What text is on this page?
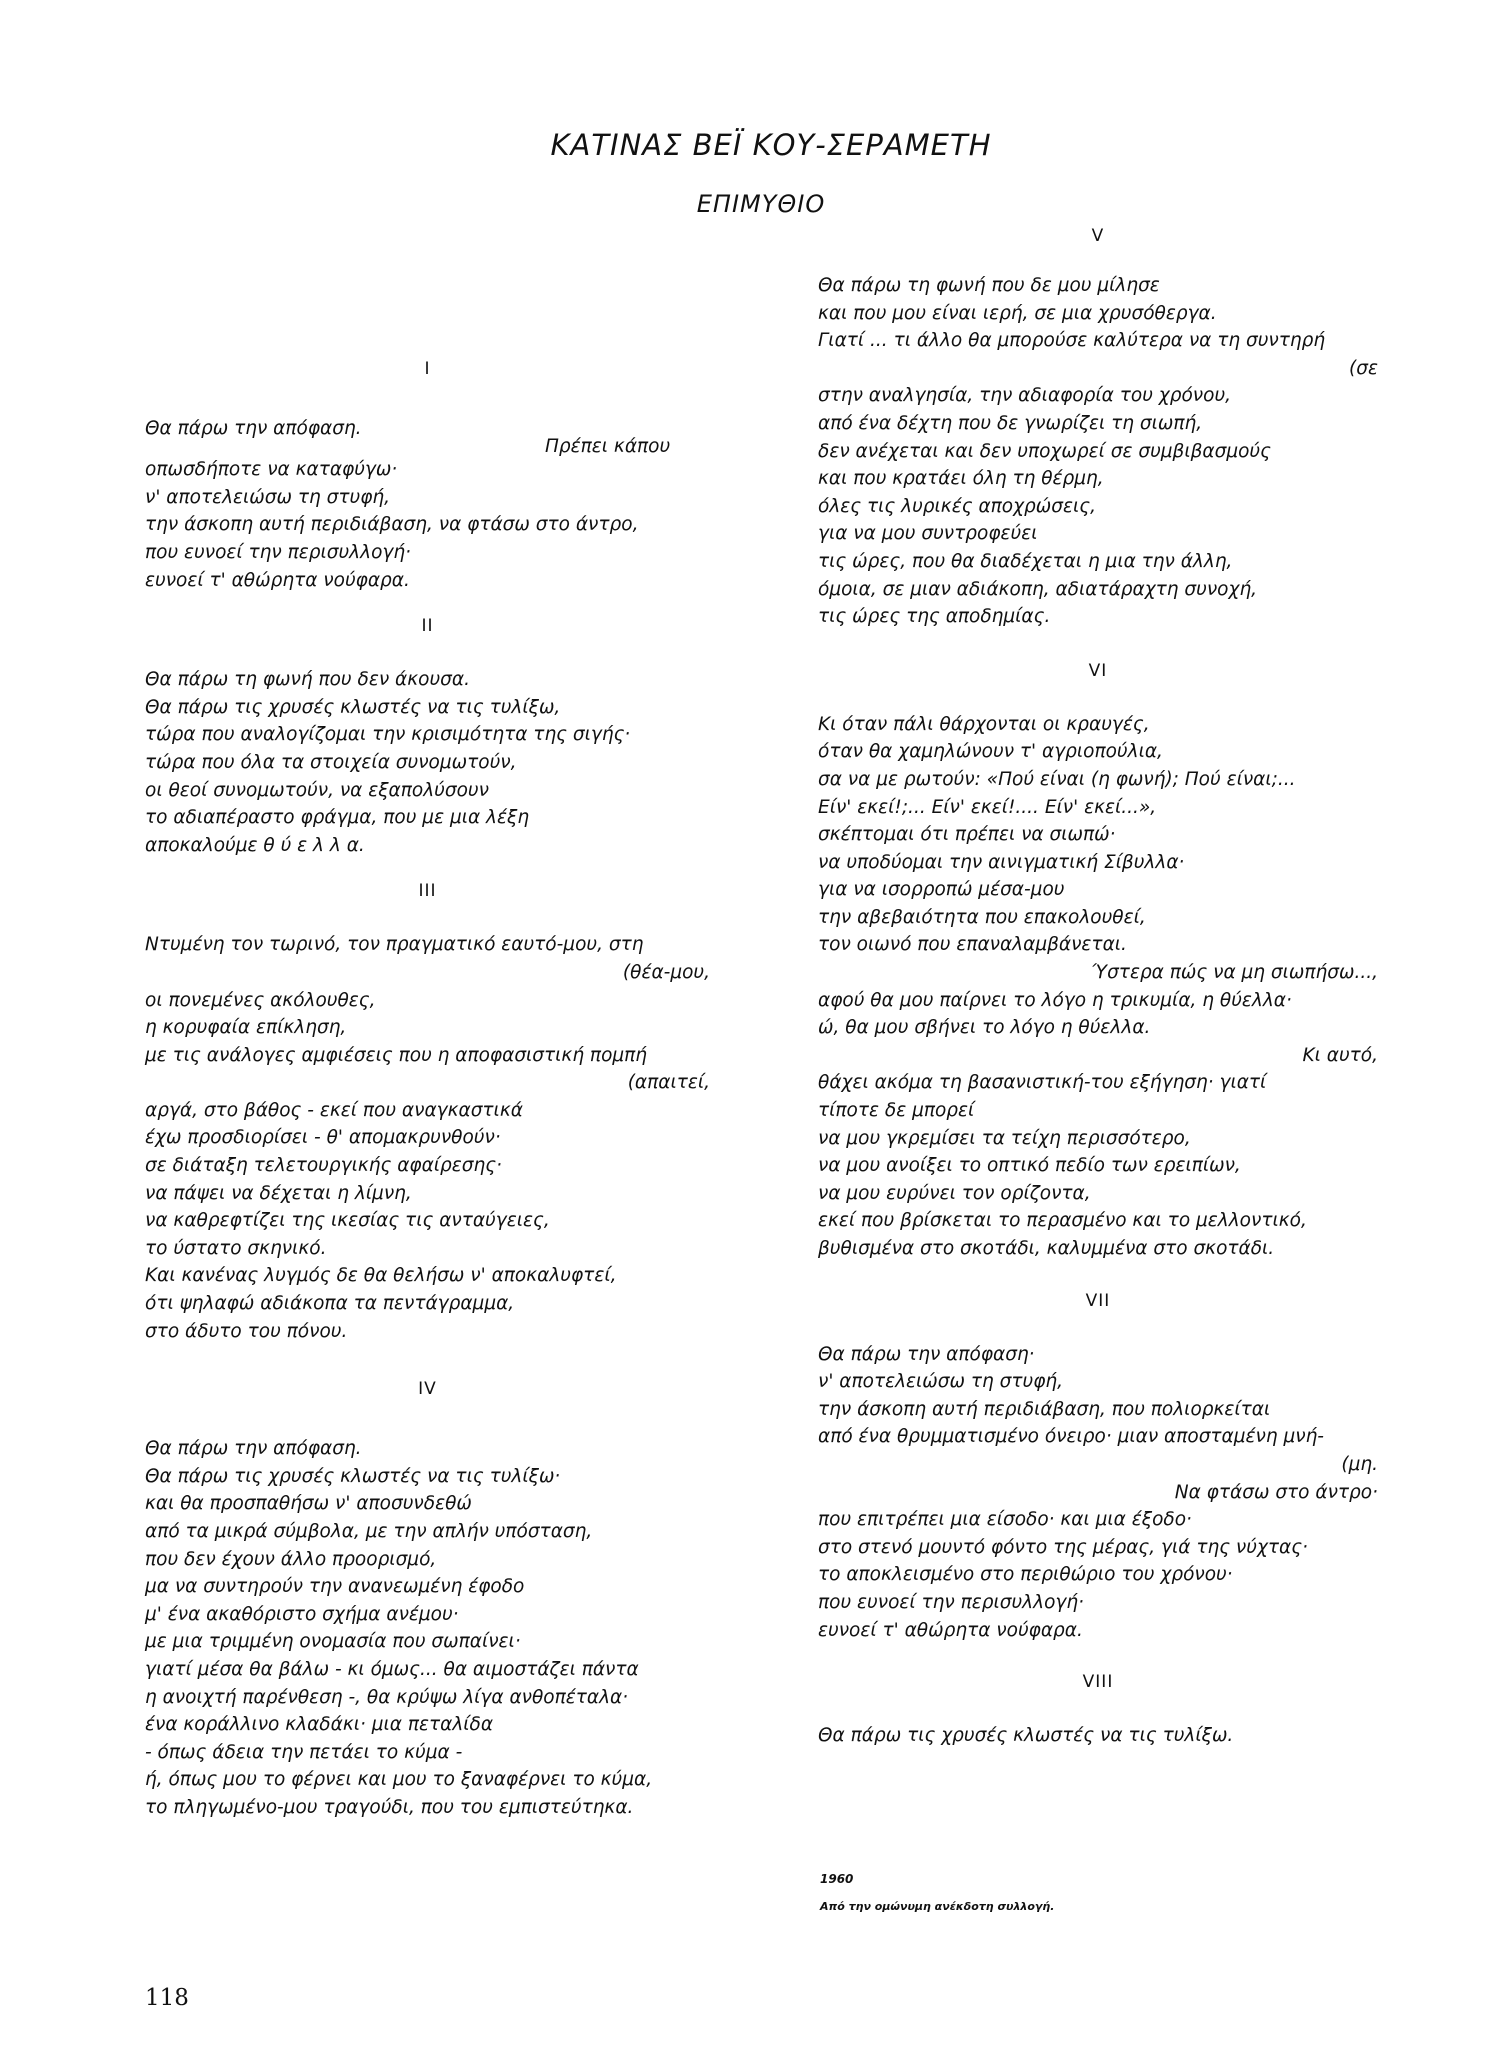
ΚΑΤΙΝΑΣ ΒΕΪ ΚΟΥ-ΣΕΡΑΜΕΤΗ
ΕΠΙΜΥΘΙΟ
I
Θα πάρω την απόφαση.
Πρέπει κάπου
οπωσδήποτε να καταφύγω·
ν' αποτελειώσω τη στυφή,
την άσκοπη αυτή περιδιάβαση, να φτάσω στο άντρο,
που ευνοεί την περισυλλογή·
ευνοεί τ' αθώρητα νούφαρα.
II
Θα πάρω τη φωνή που δεν άκουσα.
Θα πάρω τις χρυσές κλωστές να τις τυλίξω,
τώρα που αναλογίζομαι την κρισιμότητα της σιγής·
τώρα που όλα τα στοιχεία συνομωτούν,
οι θεοί συνομωτούν, να εξαπολύσουν
το αδιαπέραστο φράγμα, που με μια λέξη
αποκαλούμε θ ύ ε λ λ α.
III
Ντυμένη τον τωρινό, τον πραγματικό εαυτό-μου, στη
(θέα-μου,
οι πονεμένες ακόλουθες,
η κορυφαία επίκληση,
με τις ανάλογες αμφιέσεις που η αποφασιστική πομπή
(απαιτεί,
αργά, στο βάθος - εκεί που αναγκαστικά
έχω προσδιορίσει - θ' απομακρυνθούν·
σε διάταξη τελετουργικής αφαίρεσης·
να πάψει να δέχεται η λίμνη,
να καθρεφτίζει της ικεσίας τις ανταύγειες,
το ύστατο σκηνικό.
Και κανένας λυγμός δε θα θελήσω ν' αποκαλυφτεί,
ότι ψηλαφώ αδιάκοπα τα πεντάγραμμα,
στο άδυτο του πόνου.
IV
Θα πάρω την απόφαση.
Θα πάρω τις χρυσές κλωστές να τις τυλίξω·
και θα προσπαθήσω ν' αποσυνδεθώ
από τα μικρά σύμβολα, με την απλήν υπόσταση,
που δεν έχουν άλλο προορισμό,
μα να συντηρούν την ανανεωμένη έφοδο
μ' ένα ακαθόριστο σχήμα ανέμου·
με μια τριμμένη ονομασία που σωπαίνει·
γιατί μέσα θα βάλω - κι όμως... θα αιμοστάζει πάντα
η ανοιχτή παρένθεση -, θα κρύψω λίγα ανθοπέταλα·
ένα κοράλλινο κλαδάκι· μια πεταλίδα
- όπως άδεια την πετάει το κύμα -
ή, όπως μου το φέρνει και μου το ξαναφέρνει το κύμα,
το πληγωμένο-μου τραγούδι, που του εμπιστεύτηκα.
V
Θα πάρω τη φωνή που δε μου μίλησε
και που μου είναι ιερή, σε μια χρυσόθεργα.
Γιατί ... τι άλλο θα μπορούσε καλύτερα να τη συντηρή
(σε
στην αναλγησία, την αδιαφορία του χρόνου,
από ένα δέχτη που δε γνωρίζει τη σιωπή,
δεν ανέχεται και δεν υποχωρεί σε συμβιβασμούς
και που κρατάει όλη τη θέρμη,
όλες τις λυρικές αποχρώσεις,
για να μου συντροφεύει
τις ώρες, που θα διαδέχεται η μια την άλλη,
όμοια, σε μιαν αδιάκοπη, αδιατάραχτη συνοχή,
τις ώρες της αποδημίας.
VI
Κι όταν πάλι θάρχονται οι κραυγές,
όταν θα χαμηλώνουν τ' αγριοπούλια,
σα να με ρωτούν: «Πού είναι (η φωνή); Πού είναι;...
Είν' εκεί!;... Είν' εκεί!.... Είν' εκεί...»,
σκέπτομαι ότι πρέπει να σιωπώ·
να υποδύομαι την αινιγματική Σίβυλλα·
για να ισορροπώ μέσα-μου
την αβεβαιότητα που επακολουθεί,
τον οιωνό που επαναλαμβάνεται.
Ύστερα πώς να μη σιωπήσω...,
αφού θα μου παίρνει το λόγο η τρικυμία, η θύελλα·
ώ, θα μου σβήνει το λόγο η θύελλα.
Κι αυτό,
θάχει ακόμα τη βασανιστική-του εξήγηση· γιατί
τίποτε δε μπορεί
να μου γκρεμίσει τα τείχη περισσότερο,
να μου ανοίξει το οπτικό πεδίο των ερειπίων,
να μου ευρύνει τον ορίζοντα,
εκεί που βρίσκεται το περασμένο και το μελλοντικό,
βυθισμένα στο σκοτάδι, καλυμμένα στο σκοτάδι.
VII
Θα πάρω την απόφαση·
ν' αποτελειώσω τη στυφή,
την άσκοπη αυτή περιδιάβαση, που πολιορκείται
από ένα θρυμματισμένο όνειρο· μιαν αποσταμένη μνή-
(μη.
Να φτάσω στο άντρο·
που επιτρέπει μια είσοδο· και μια έξοδο·
στο στενό μουντό φόντο της μέρας, γιά της νύχτας·
το αποκλεισμένο στο περιθώριο του χρόνου·
που ευνοεί την περισυλλογή·
ευνοεί τ' αθώρητα νούφαρα.
VIII
Θα πάρω τις χρυσές κλωστές να τις τυλίξω.
1960
Από την ομώνυμη ανέκδοτη συλλογή.
118
